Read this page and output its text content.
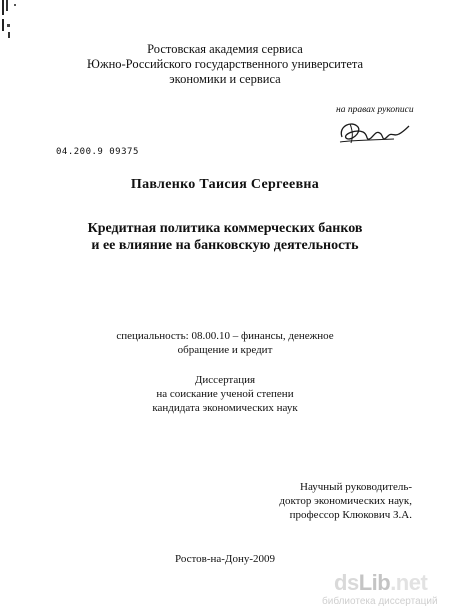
Ростовская академия сервиса
Южно-Российского государственного университета
экономики и сервиса
на правах рукописи
04.200.9 09375
Павленко Таисия Сергеевна
Кредитная политика коммерческих банков
и ее влияние на банковскую деятельность
специальность: 08.00.10 – финансы, денежное
обращение и кредит
Диссертация
на соискание ученой степени
кандидата экономических наук
Научный руководитель-
доктор экономических наук,
профессор Клюкович З.А.
Ростов-на-Дону-2009
dsLib.net
библиотека диссертаций
